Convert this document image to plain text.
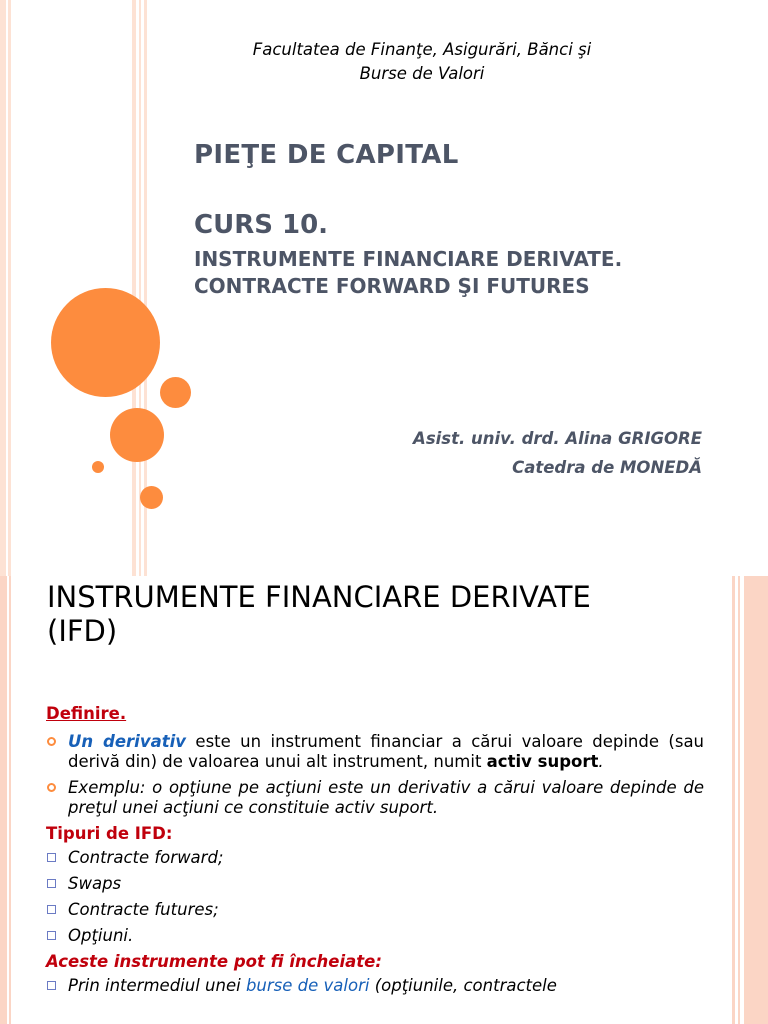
Facultatea de Finanţe, Asigurări, Bănci şi
Burse de Valori
PIEŢE DE CAPITAL
CURS 10.
INSTRUMENTE FINANCIARE DERIVATE.
CONTRACTE FORWARD ŞI FUTURES
Asist. univ. drd. Alina GRIGORE
Catedra de MONEDĂ
INSTRUMENTE FINANCIARE DERIVATE
(IFD)
Definire.
Un derivativ este un instrument financiar a cărui valoare depinde (sau derivă din) de valoarea unui alt instrument, numit activ suport.
Exemplu: o opţiune pe acţiuni este un derivativ a cărui valoare depinde de preţul unei acţiuni ce constituie activ suport.
Tipuri de IFD:
Contracte forward;
Swaps
Contracte futures;
Opţiuni.
Aceste instrumente pot fi încheiate:
Prin intermediul unei burse de valori (opţiunile, contractele
